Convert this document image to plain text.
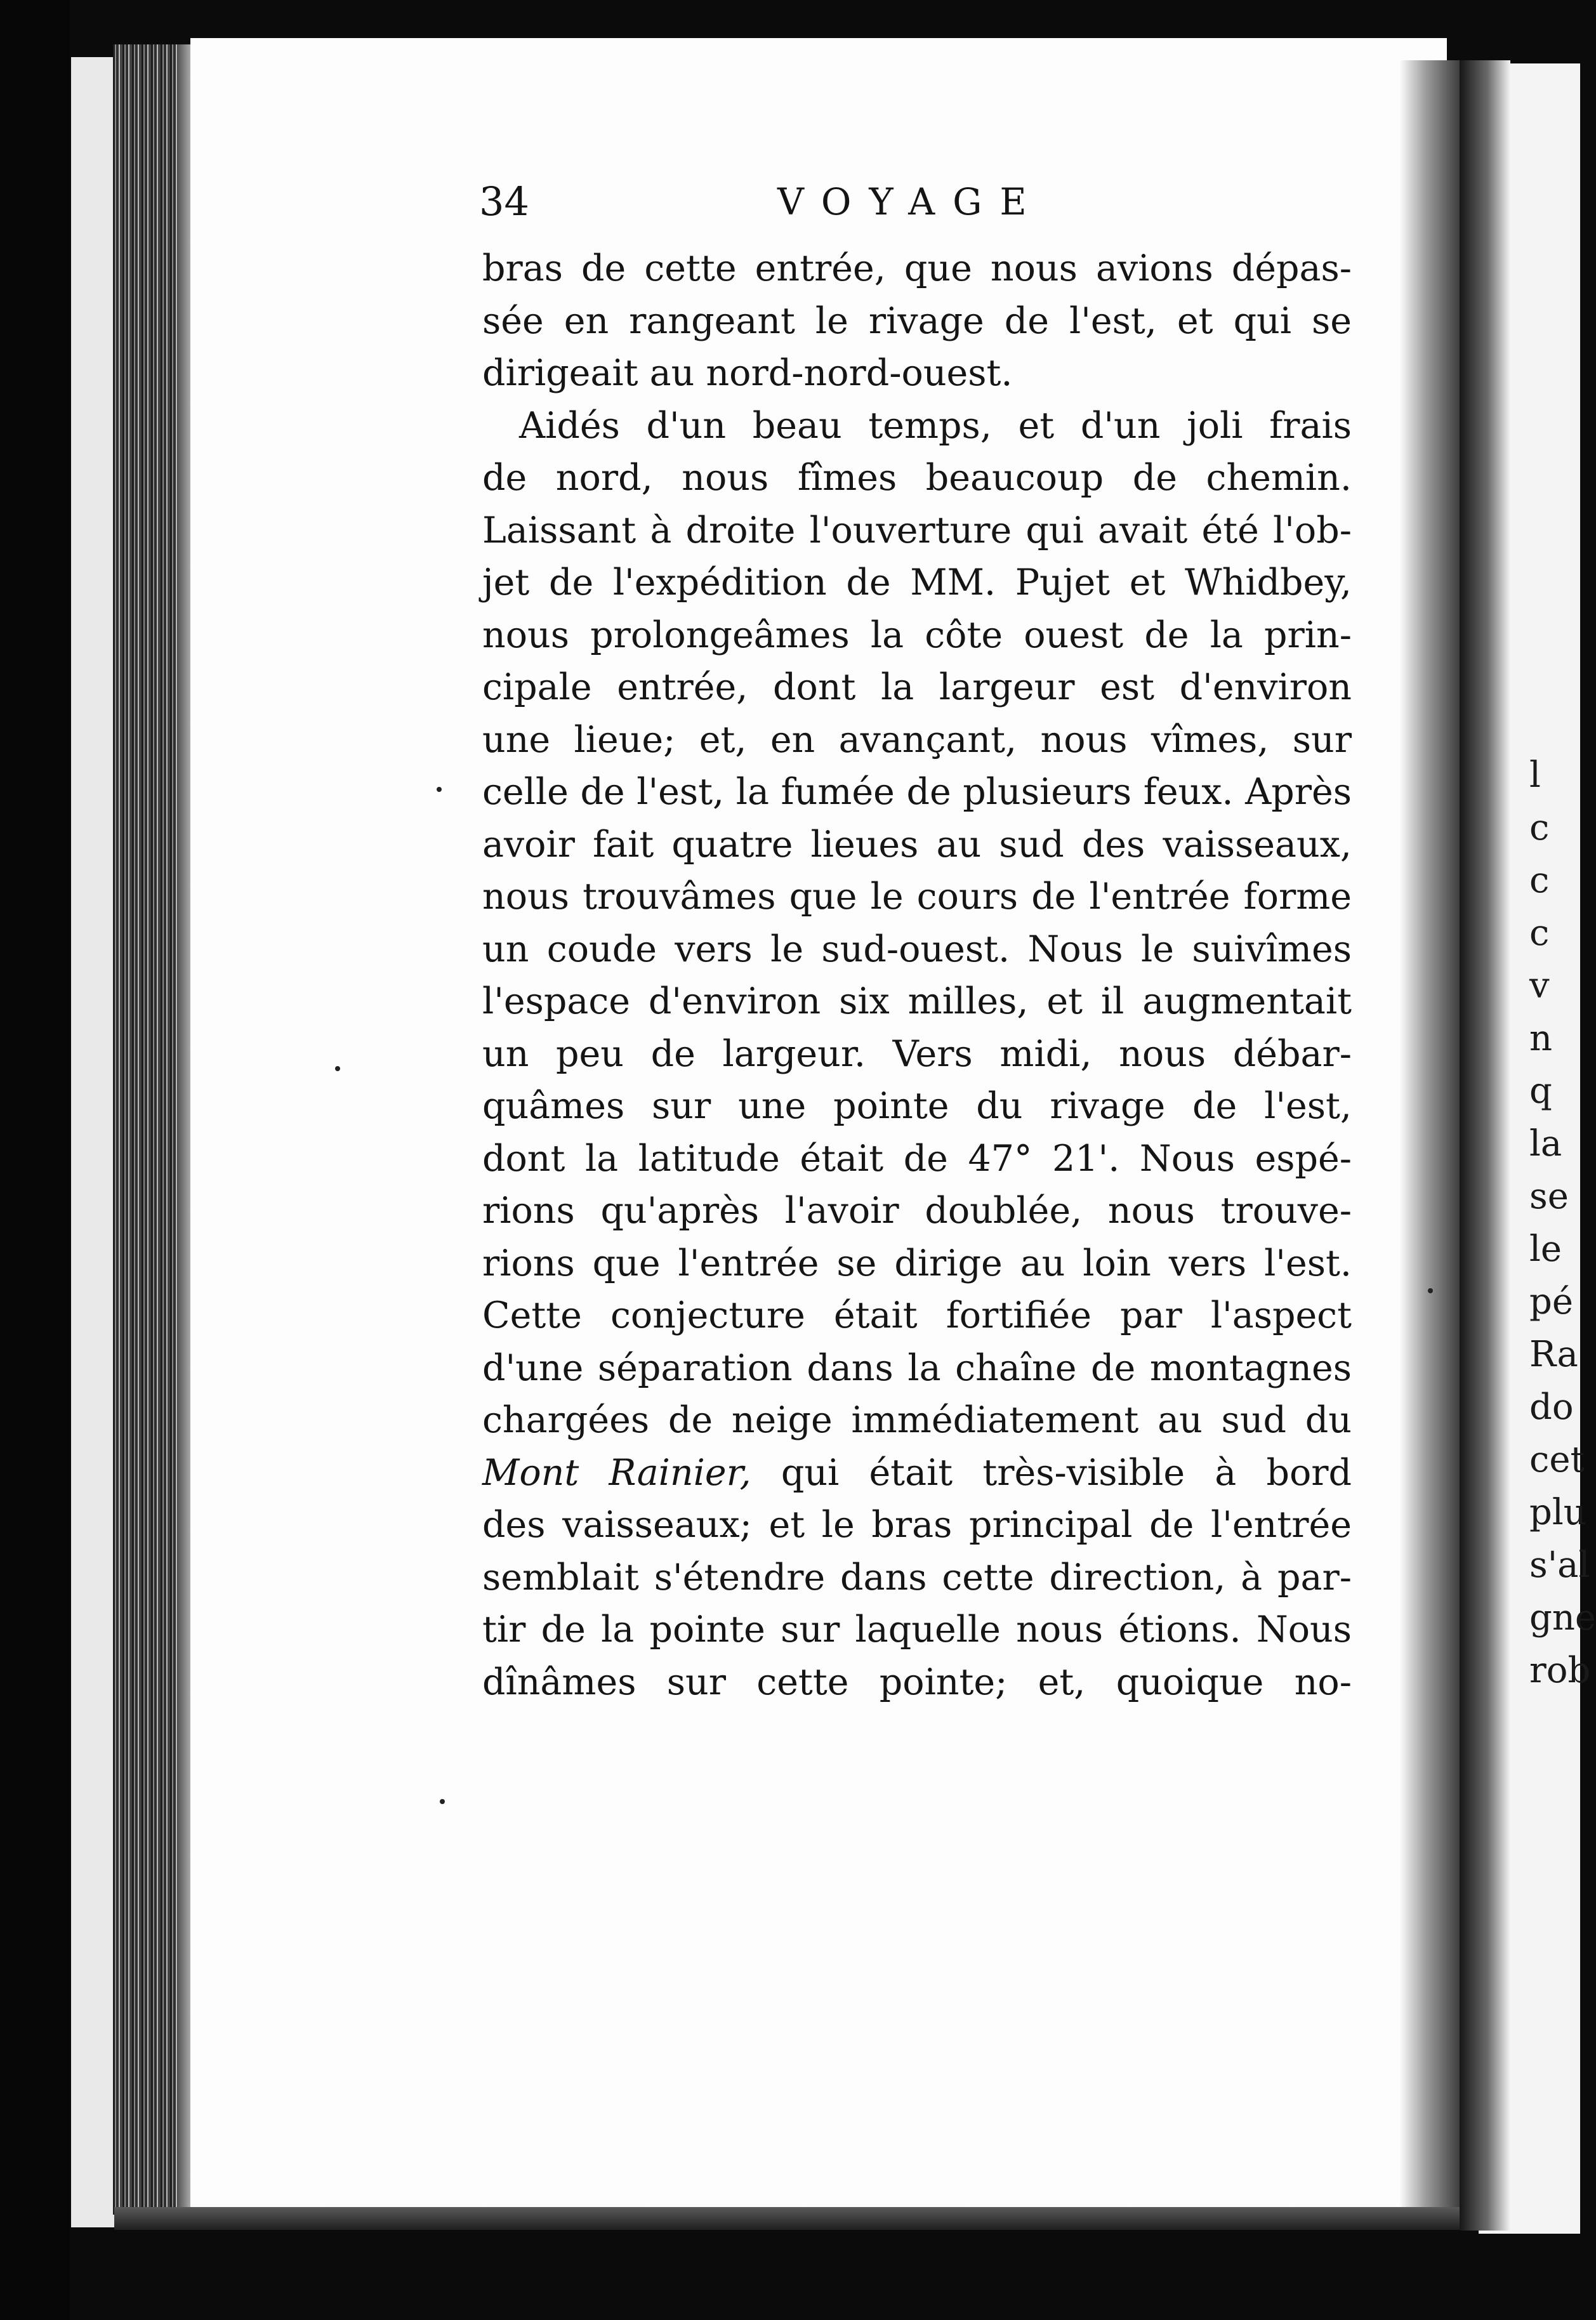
l
c
c
c
v
n
q
la
se
le
pé
Ra
do
cet
plu
s'al
gne
rob
34	VOYAGE
bras de cette entrée, que nous avions dépas-
sée en rangeant le rivage de l'est, et qui se
dirigeait au nord-nord-ouest.
Aidés d'un beau temps, et d'un joli frais
de nord, nous fîmes beaucoup de chemin.
Laissant à droite l'ouverture qui avait été l'ob-
jet de l'expédition de MM. Pujet et Whidbey,
nous prolongeâmes la côte ouest de la prin-
cipale entrée, dont la largeur est d'environ
une lieue; et, en avançant, nous vîmes, sur
celle de l'est, la fumée de plusieurs feux. Après
avoir fait quatre lieues au sud des vaisseaux,
nous trouvâmes que le cours de l'entrée forme
un coude vers le sud-ouest. Nous le suivîmes
l'espace d'environ six milles, et il augmentait
un peu de largeur. Vers midi, nous débar-
quâmes sur une pointe du rivage de l'est,
dont la latitude était de 47° 21'. Nous espé-
rions qu'après l'avoir doublée, nous trouve-
rions que l'entrée se dirige au loin vers l'est.
Cette conjecture était fortifiée par l'aspect
d'une séparation dans la chaîne de montagnes
chargées de neige immédiatement au sud du
Mont Rainier, qui était très-visible à bord
des vaisseaux; et le bras principal de l'entrée
semblait s'étendre dans cette direction, à par-
tir de la pointe sur laquelle nous étions. Nous
dînâmes sur cette pointe; et, quoique no-
